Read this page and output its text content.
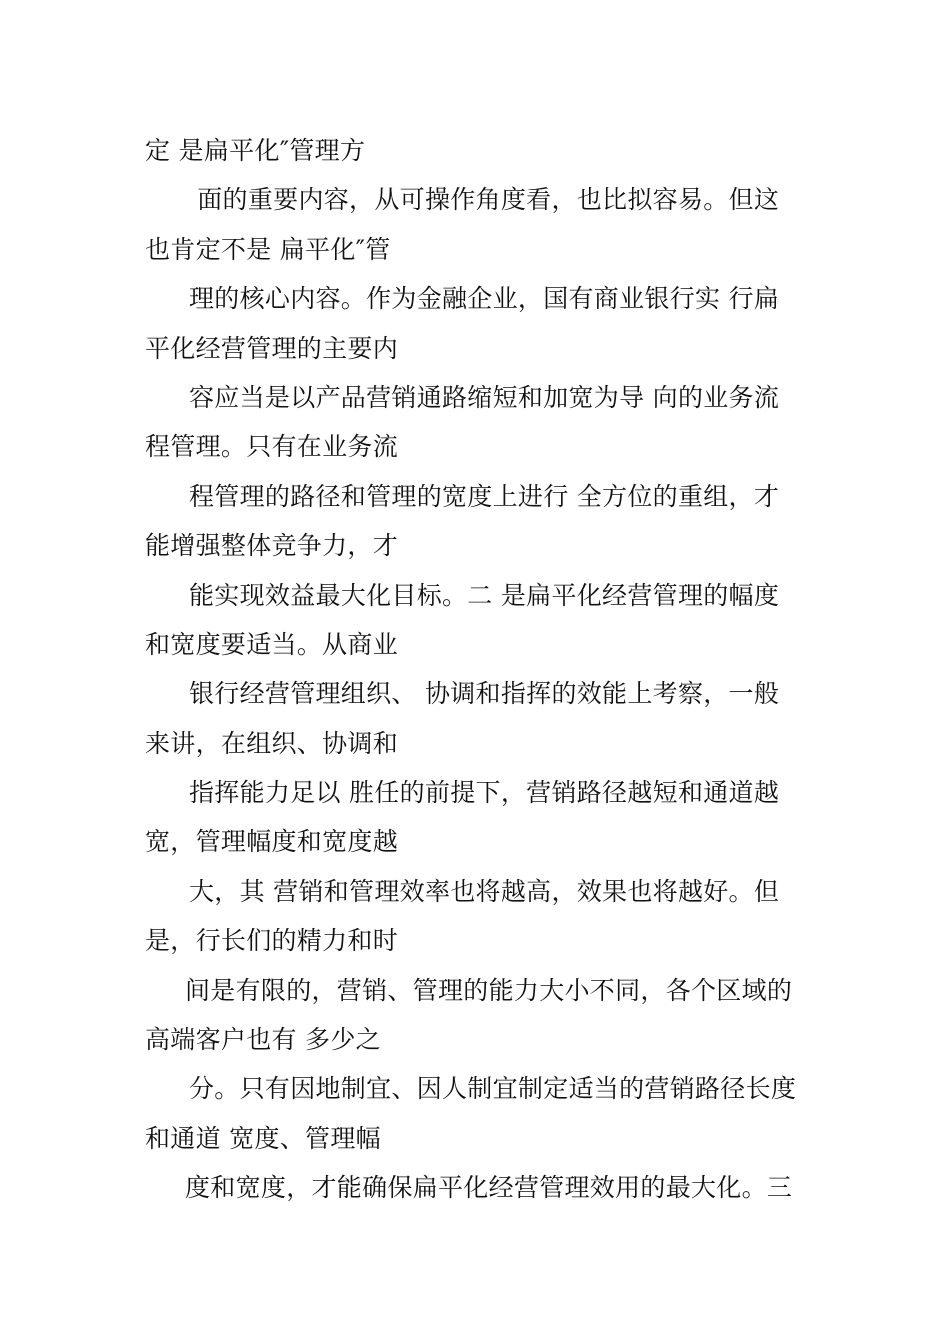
定 是扁平化″管理方
面的重要内容，从可操作角度看，也比拟容易。但这
也肯定不是 扁平化″管
理的核心内容。作为金融企业，国有商业银行实 行扁
平化经营管理的主要内
容应当是以产品营销通路缩短和加宽为导 向的业务流
程管理。只有在业务流
程管理的路径和管理的宽度上进行 全方位的重组，才
能增强整体竞争力，才
能实现效益最大化目标。二 是扁平化经营管理的幅度
和宽度要适当。从商业
银行经营管理组织、 协调和指挥的效能上考察，一般
来讲，在组织、协调和
指挥能力足以 胜任的前提下，营销路径越短和通道越
宽，管理幅度和宽度越
大，其 营销和管理效率也将越高，效果也将越好。但
是，行长们的精力和时
间是有限的，营销、管理的能力大小不同，各个区域的
高端客户也有 多少之
分。只有因地制宜、因人制宜制定适当的营销路径长度
和通道 宽度、管理幅
度和宽度，才能确保扁平化经营管理效用的最大化。三
